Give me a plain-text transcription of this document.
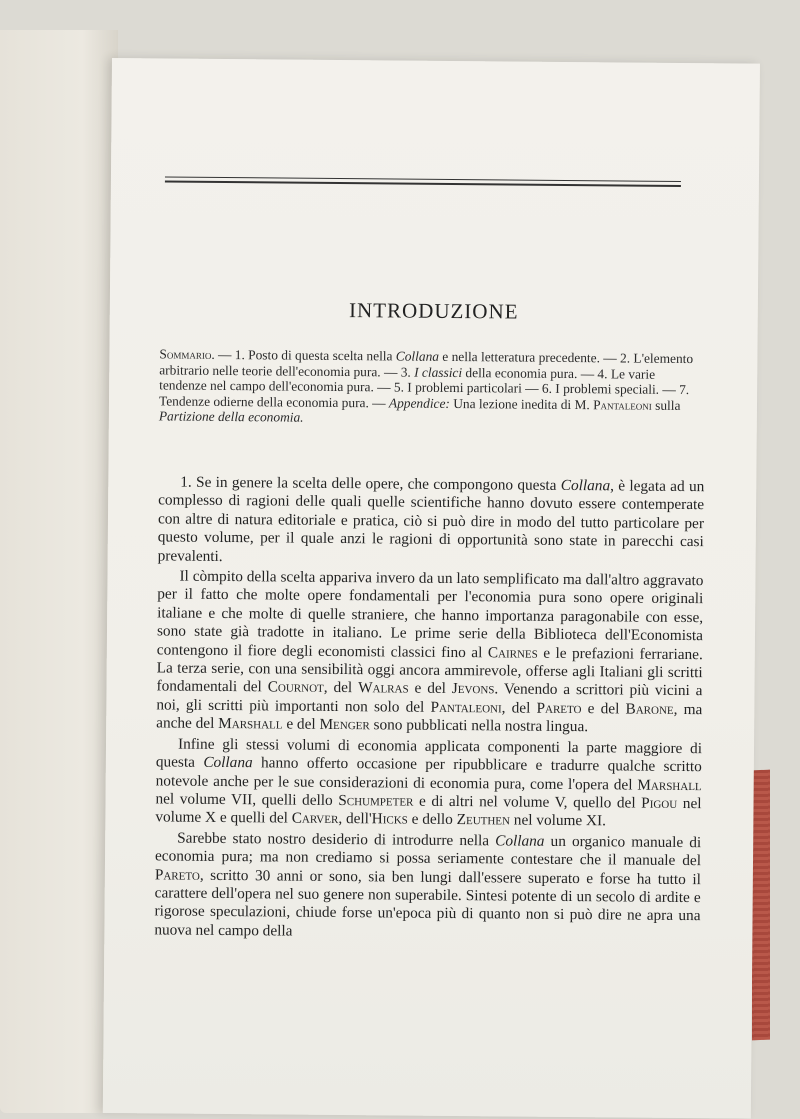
INTRODUZIONE

Sommario. — 1. Posto di questa scelta nella Collana e nella letteratura precedente. — 2. L'elemento arbitrario nelle teorie dell'economia pura. — 3. I classici della economia pura. — 4. Le varie tendenze nel campo dell'economia pura. — 5. I problemi particolari — 6. I problemi speciali. — 7. Tendenze odierne della economia pura. — Appendice: Una lezione inedita di M. Pantaleoni sulla Partizione della economia.

1. Se in genere la scelta delle opere, che compongono questa Collana, è legata ad un complesso di ragioni delle quali quelle scientifiche hanno dovuto essere contemperate con altre di natura editoriale e pratica, ciò si può dire in modo del tutto particolare per questo volume, per il quale anzi le ragioni di opportunità sono state in parecchi casi prevalenti.

Il còmpito della scelta appariva invero da un lato semplificato ma dall'altro aggravato per il fatto che molte opere fondamentali per l'economia pura sono opere originali italiane e che molte di quelle straniere, che hanno importanza paragonabile con esse, sono state già tradotte in italiano. Le prime serie della Biblioteca dell'Economista contengono il fiore degli economisti classici fino al Cairnes e le prefazioni ferrariane. La terza serie, con una sensibilità oggi ancora ammirevole, offerse agli Italiani gli scritti fondamentali del Cournot, del Walras e del Jevons. Venendo a scrittori più vicini a noi, gli scritti più importanti non solo del Pantaleoni, del Pareto e del Barone, ma anche del Marshall e del Menger sono pubblicati nella nostra lingua.

Infine gli stessi volumi di economia applicata componenti la parte maggiore di questa Collana hanno offerto occasione per ripubblicare e tradurre qualche scritto notevole anche per le sue considerazioni di economia pura, come l'opera del Marshall nel volume VII, quelli dello Schumpeter e di altri nel volume V, quello del Pigou nel volume X e quelli del Carver, dell'Hicks e dello Zeuthen nel volume XI.

Sarebbe stato nostro desiderio di introdurre nella Collana un organico manuale di economia pura; ma non crediamo si possa seriamente contestare che il manuale del Pareto, scritto 30 anni or sono, sia ben lungi dall'essere superato e forse ha tutto il carattere dell'opera nel suo genere non superabile. Sintesi potente di un secolo di ardite e rigorose speculazioni, chiude forse un'epoca più di quanto non si può dire ne apra una nuova nel campo della
